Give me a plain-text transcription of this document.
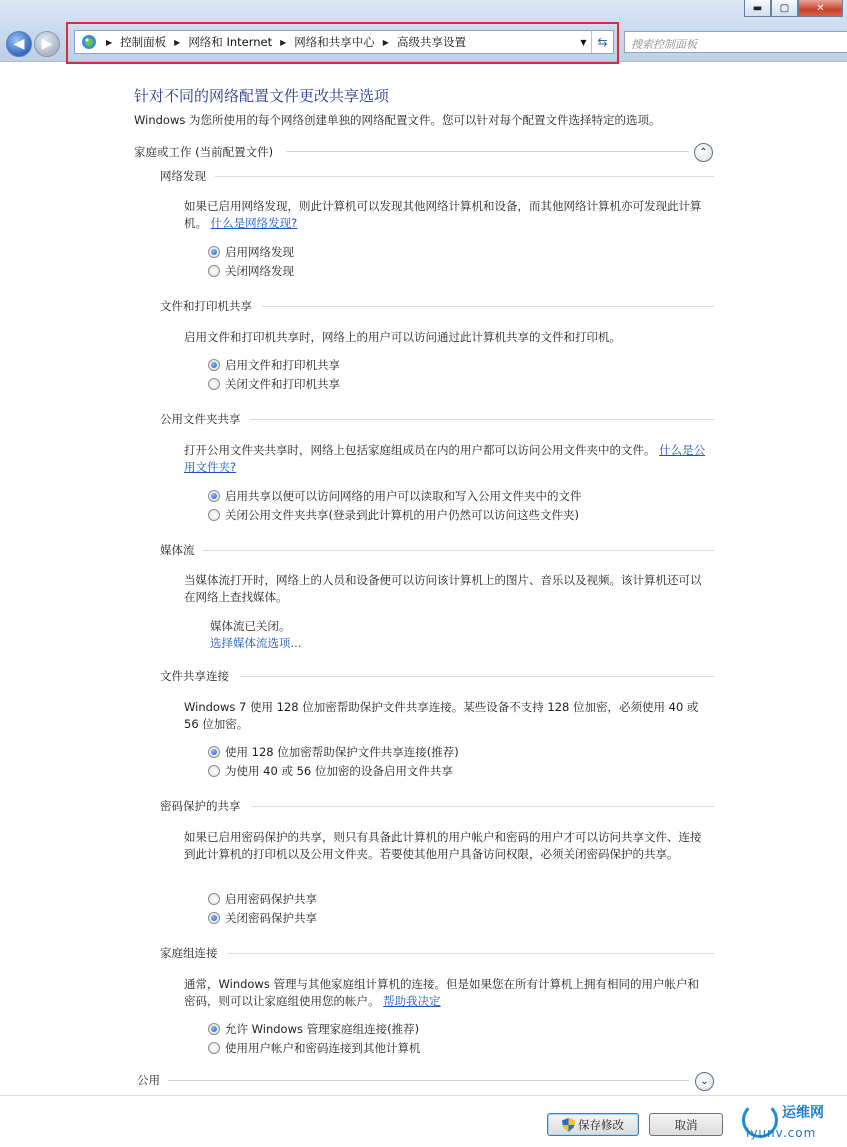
▬	▢	✕
◀ ▶	▶ 控制面板	▶ 网络和 Internet	▶ 网络和共享中心	▶ 高级共享设置	▼ ⇆	搜索控制面板
针对不同的网络配置文件更改共享选项
Windows 为您所使用的每个网络创建单独的网络配置文件。您可以针对每个配置文件选择特定的选项。
家庭或工作 (当前配置文件)	⌃
网络发现
如果已启用网络发现，则此计算机可以发现其他网络计算机和设备，而其他网络计算机亦可发现此计算机。 什么是网络发现?
启用网络发现
关闭网络发现
文件和打印机共享
启用文件和打印机共享时，网络上的用户可以访问通过此计算机共享的文件和打印机。
启用文件和打印机共享
关闭文件和打印机共享
公用文件夹共享
打开公用文件夹共享时，网络上包括家庭组成员在内的用户都可以访问公用文件夹中的文件。 什么是公用文件夹?
启用共享以便可以访问网络的用户可以读取和写入公用文件夹中的文件
关闭公用文件夹共享(登录到此计算机的用户仍然可以访问这些文件夹)
媒体流
当媒体流打开时，网络上的人员和设备便可以访问该计算机上的图片、音乐以及视频。该计算机还可以在网络上查找媒体。
媒体流已关闭。
选择媒体流选项...
文件共享连接
Windows 7 使用 128 位加密帮助保护文件共享连接。某些设备不支持 128 位加密，必须使用 40 或 56 位加密。
使用 128 位加密帮助保护文件共享连接(推荐)
为使用 40 或 56 位加密的设备启用文件共享
密码保护的共享
如果已启用密码保护的共享，则只有具备此计算机的用户帐户和密码的用户才可以访问共享文件、连接到此计算机的打印机以及公用文件夹。若要使其他用户具备访问权限，必须关闭密码保护的共享。
启用密码保护共享
关闭密码保护共享
家庭组连接
通常，Windows 管理与其他家庭组计算机的连接。但是如果您在所有计算机上拥有相同的用户帐户和密码，则可以让家庭组使用您的帐户。 帮助我决定
允许 Windows 管理家庭组连接(推荐)
使用用户帐户和密码连接到其他计算机
公用	⌄
保存修改	取消
运维网
iyunv.com
